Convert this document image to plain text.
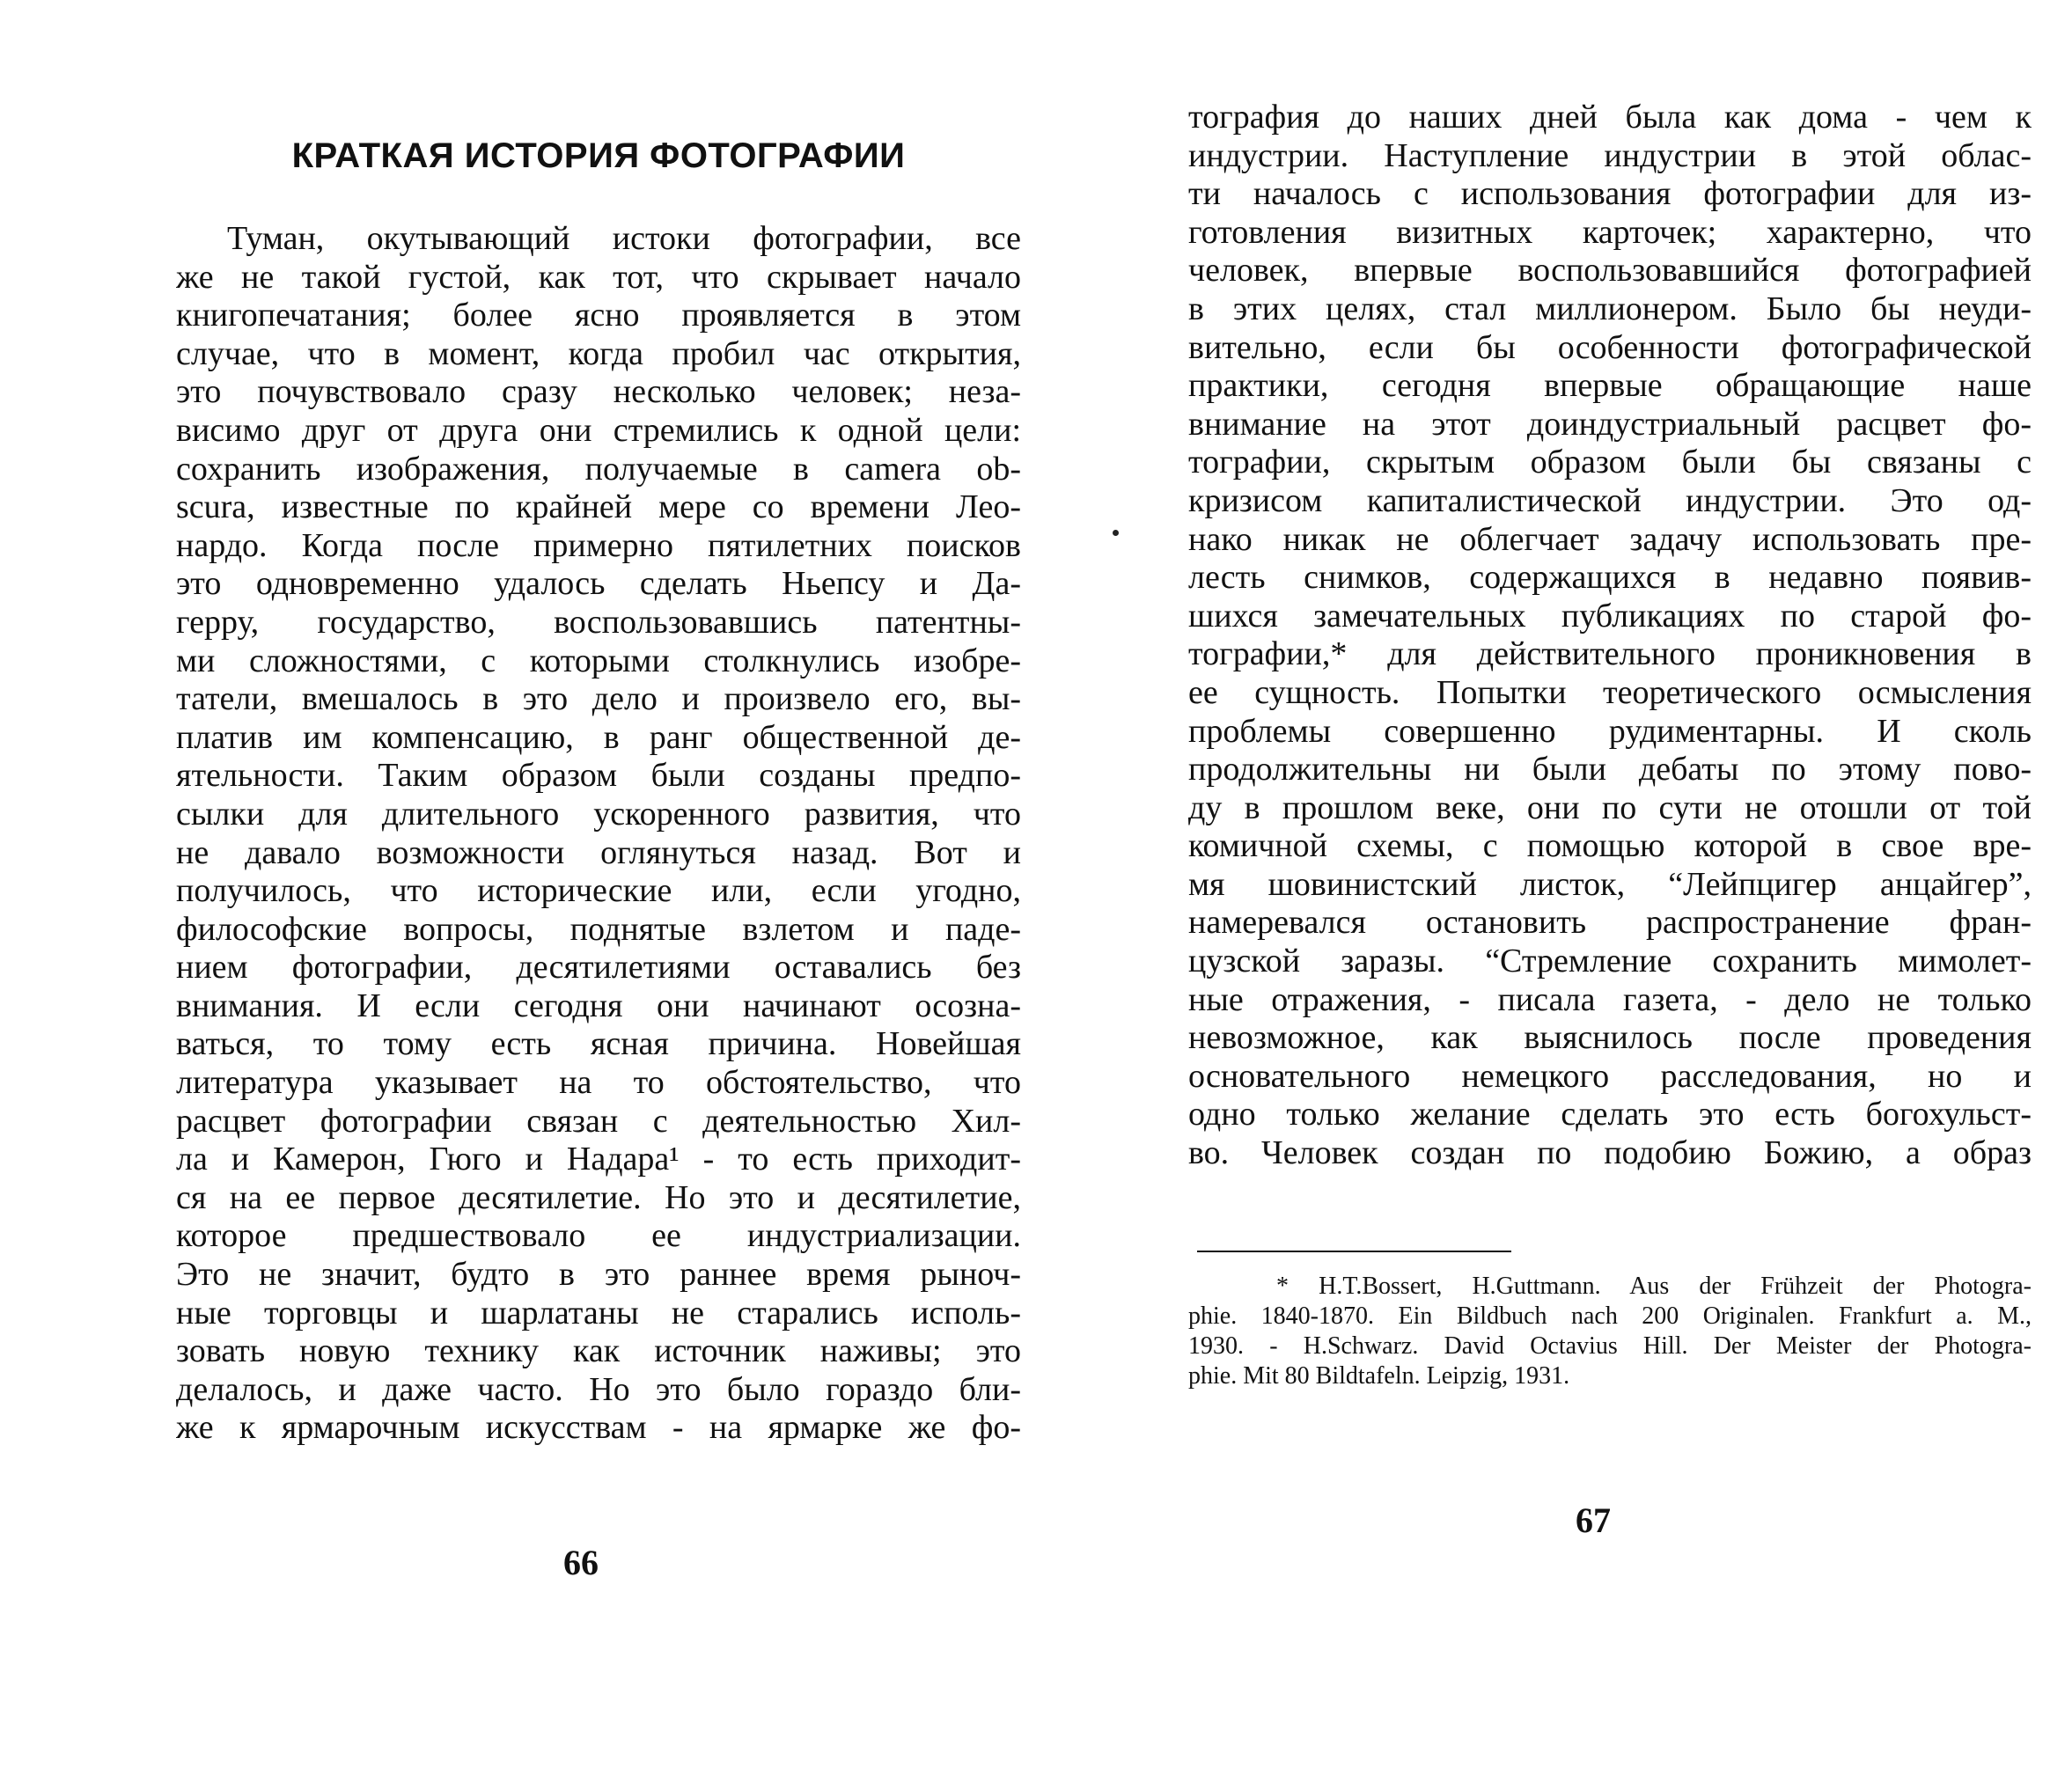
КРАТКАЯ ИСТОРИЯ ФОТОГРАФИИ
Туман, окутывающий истоки фотографии, все
же не такой густой, как тот, что скрывает начало
книгопечатания; более ясно проявляется в этом
случае, что в момент, когда пробил час открытия,
это почувствовало сразу несколько человек; неза-
висимо друг от друга они стремились к одной цели:
сохранить изображения, получаемые в camera ob-
scura, известные по крайней мере со времени Лео-
нардо. Когда после примерно пятилетних поисков
это одновременно удалось сделать Ньепсу и Да-
герру, государство, воспользовавшись патентны-
ми сложностями, с которыми столкнулись изобре-
татели, вмешалось в это дело и произвело его, вы-
платив им компенсацию, в ранг общественной де-
ятельности. Таким образом были созданы предпо-
сылки для длительного ускоренного развития, что
не давало возможности оглянуться назад. Вот и
получилось, что исторические или, если угодно,
философские вопросы, поднятые взлетом и паде-
нием фотографии, десятилетиями оставались без
внимания. И если сегодня они начинают осозна-
ваться, то тому есть ясная причина. Новейшая
литература указывает на то обстоятельство, что
расцвет фотографии связан с деятельностью Хил-
ла и Камерон, Гюго и Надара¹ - то есть приходит-
ся на ее первое десятилетие. Но это и десятилетие,
которое предшествовало ее индустриализации.
Это не значит, будто в это раннее время рыноч-
ные торговцы и шарлатаны не старались исполь-
зовать новую технику как источник наживы; это
делалось, и даже часто. Но это было гораздо бли-
же к ярмарочным искусствам - на ярмарке же фо-
66
тография до наших дней была как дома - чем к
индустрии. Наступление индустрии в этой облас-
ти началось с использования фотографии для из-
готовления визитных карточек; характерно, что
человек, впервые воспользовавшийся фотографией
в этих целях, стал миллионером. Было бы неуди-
вительно, если бы особенности фотографической
практики, сегодня впервые обращающие наше
внимание на этот доиндустриальный расцвет фо-
тографии, скрытым образом были бы связаны с
кризисом капиталистической индустрии. Это од-
нако никак не облегчает задачу использовать пре-
лесть снимков, содержащихся в недавно появив-
шихся замечательных публикациях по старой фо-
тографии,* для действительного проникновения в
ее сущность. Попытки теоретического осмысления
проблемы совершенно рудиментарны. И сколь
продолжительны ни были дебаты по этому пово-
ду в прошлом веке, они по сути не отошли от той
комичной схемы, с помощью которой в свое вре-
мя шовинистский листок, “Лейпцигер анцайгер”,
намеревался остановить распространение фран-
цузской заразы. “Стремление сохранить мимолет-
ные отражения, - писала газета, - дело не только
невозможное, как выяснилось после проведения
основательного немецкого расследования, но и
одно только желание сделать это есть богохульст-
во. Человек создан по подобию Божию, а образ
* H.T.Bossert, H.Guttmann. Aus der Frühzeit der Photogra-
phie. 1840-1870. Ein Bildbuch nach 200 Originalen. Frankfurt a. M.,
1930. - H.Schwarz. David Octavius Hill. Der Meister der Photogra-
phie. Mit 80 Bildtafeln. Leipzig, 1931.
67
